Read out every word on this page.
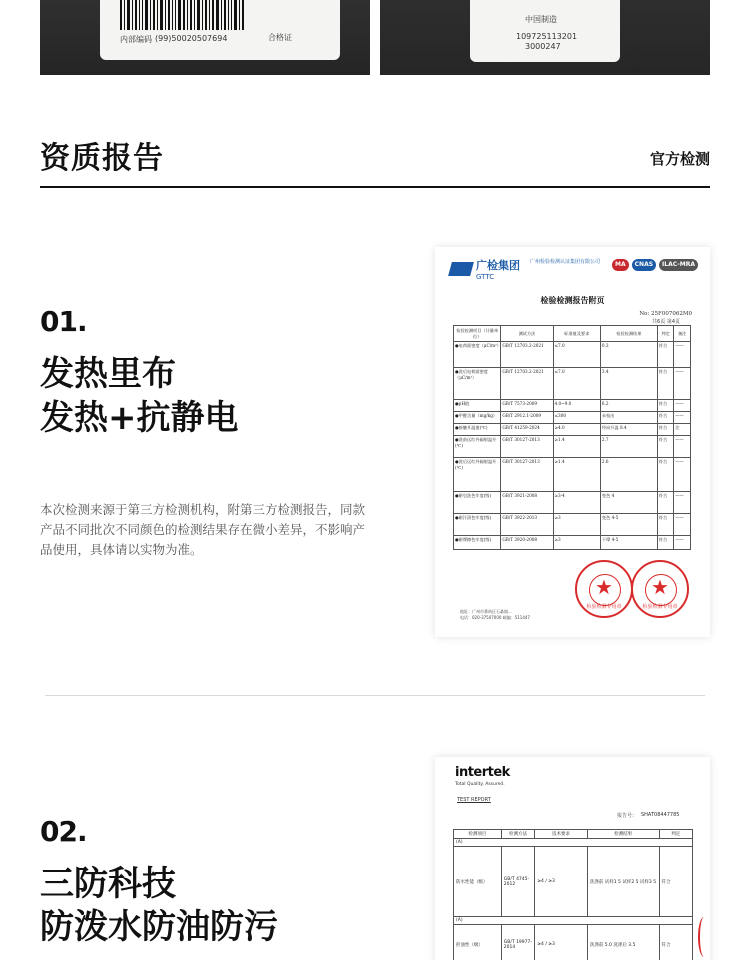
内部编码 (99)50020507694	合格证
中国制造
109725113201
3000247
资质报告	官方检测
01.
发热里布
发热+抗静电
本次检测来源于第三方检测机构，附第三方检测报告，同款产品不同批次不同颜色的检测结果存在微小差异，不影响产品使用，具体请以实物为准。
广检集团
GTTC
广州检验检测认证集团有限公司	MA	CNAS	ILAC-MRA
检验检测报告附页
No: 25F007062M0
共6页 第4页
检验检测项目（计量单位）	测试方法	标准值及要求	检验检测结果	判定	备注
●电荷面密度（μC/m²）	GB/T 12703.2-2021	≤7.0	0.3	符合	——
●洗后电荷面密度（μC/m²）	GB/T 12703.2-2021	≤7.0	3.4	符合	——
●pH值	GB/T 7573-2009	4.0~9.0	6.2	符合	——
●甲醛含量（mg/kg）	GB/T 2912.1-2009	≤300	未检出	符合	——
●接触升温值(℃)	GB/T 41259-2024	≥4.0	经向升温 8.4	符合	注
●洗前远红外辐射温升(℃)	GB/T 30127-2013	≥1.4	2.7	符合	——
●洗后远红外辐射温升(℃)	GB/T 30127-2013	≥1.4	2.6	符合	——
●耐皂洗色牢度(级)	GB/T 3921-2008	≥3-4	变色 4	符合	——
●耐汗渍色牢度(级)	GB/T 3922-2013	≥3	变色 4-5	符合	——
●耐摩擦色牢度(级)	GB/T 3920-2008	≥3	干摩 4-5	符合	——
★
检验检测专用章
★
检验检测专用章
地址：广州市番禺区石碁镇...
电话：020-37507000 邮编：511447
02.
三防科技
防泼水防油防污
intertek
Total Quality. Assured.
TEST REPORT
报告号： SHAT08447785
检测项目	检测方法	技术要求	检测结果	判定
(A)				
防水性能（级）	GB/T 4745-2012	≥4 / ≥3	洗涤前 试样1 5 试样2 5 试样3 5	符合
(A)				
拒油性（级）	GB/T 19977-2014	≥4 / ≥3	洗涤前 5.0 洗涤后 3.5	符合
